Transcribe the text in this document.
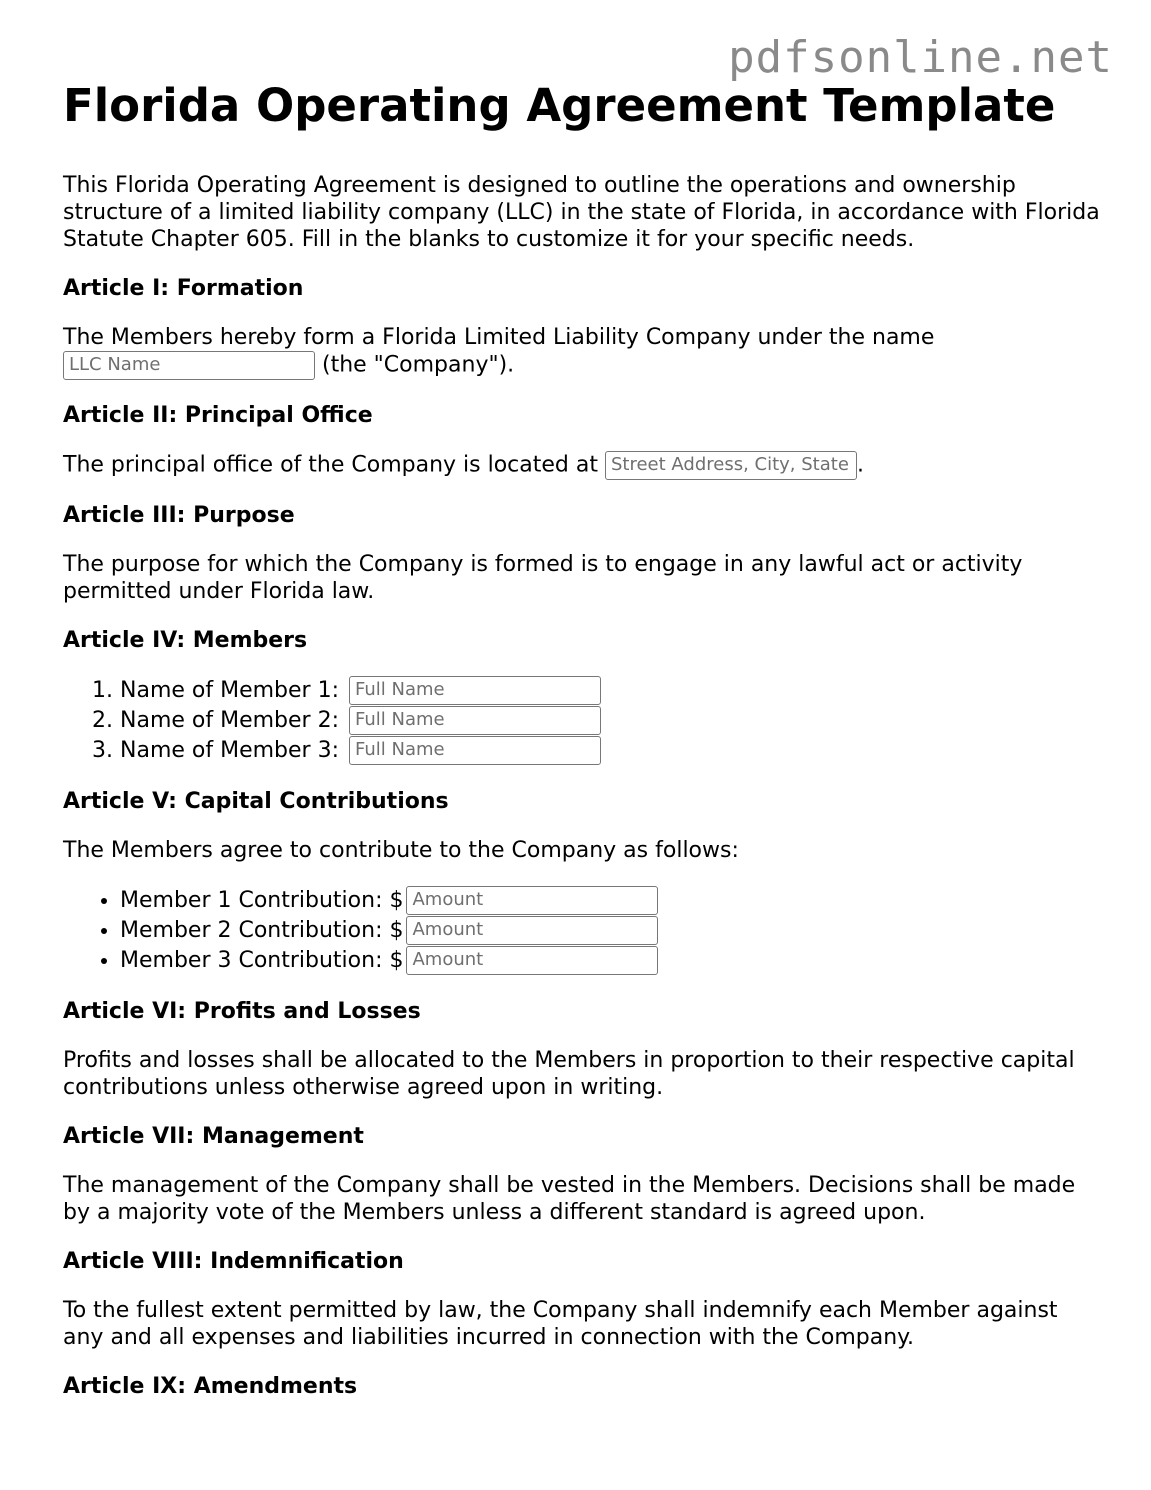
pdfsonline.net
Florida Operating Agreement Template

This Florida Operating Agreement is designed to outline the operations and ownership structure of a limited liability company (LLC) in the state of Florida, in accordance with Florida Statute Chapter 605. Fill in the blanks to customize it for your specific needs.

Article I: Formation

The Members hereby form a Florida Limited Liability Company under the name
LLC Name	(the "Company").

Article II: Principal Office

The principal office of the Company is located at Street Address, City, State .

Article III: Purpose

The purpose for which the Company is formed is to engage in any lawful act or activity permitted under Florida law.

Article IV: Members
1. Name of Member 1: Full Name
2. Name of Member 2: Full Name
3. Name of Member 3: Full Name
Article V: Capital Contributions

The Members agree to contribute to the Company as follows:

• Member 1 Contribution: $ Amount
• Member 2 Contribution: $ Amount
• Member 3 Contribution: $ Amount
Article VI: Profits and Losses

Profits and losses shall be allocated to the Members in proportion to their respective capital contributions unless otherwise agreed upon in writing.

Article VII: Management

The management of the Company shall be vested in the Members. Decisions shall be made by a majority vote of the Members unless a different standard is agreed upon.

Article VIII: Indemnification

To the fullest extent permitted by law, the Company shall indemnify each Member against any and all expenses and liabilities incurred in connection with the Company.

Article IX: Amendments
